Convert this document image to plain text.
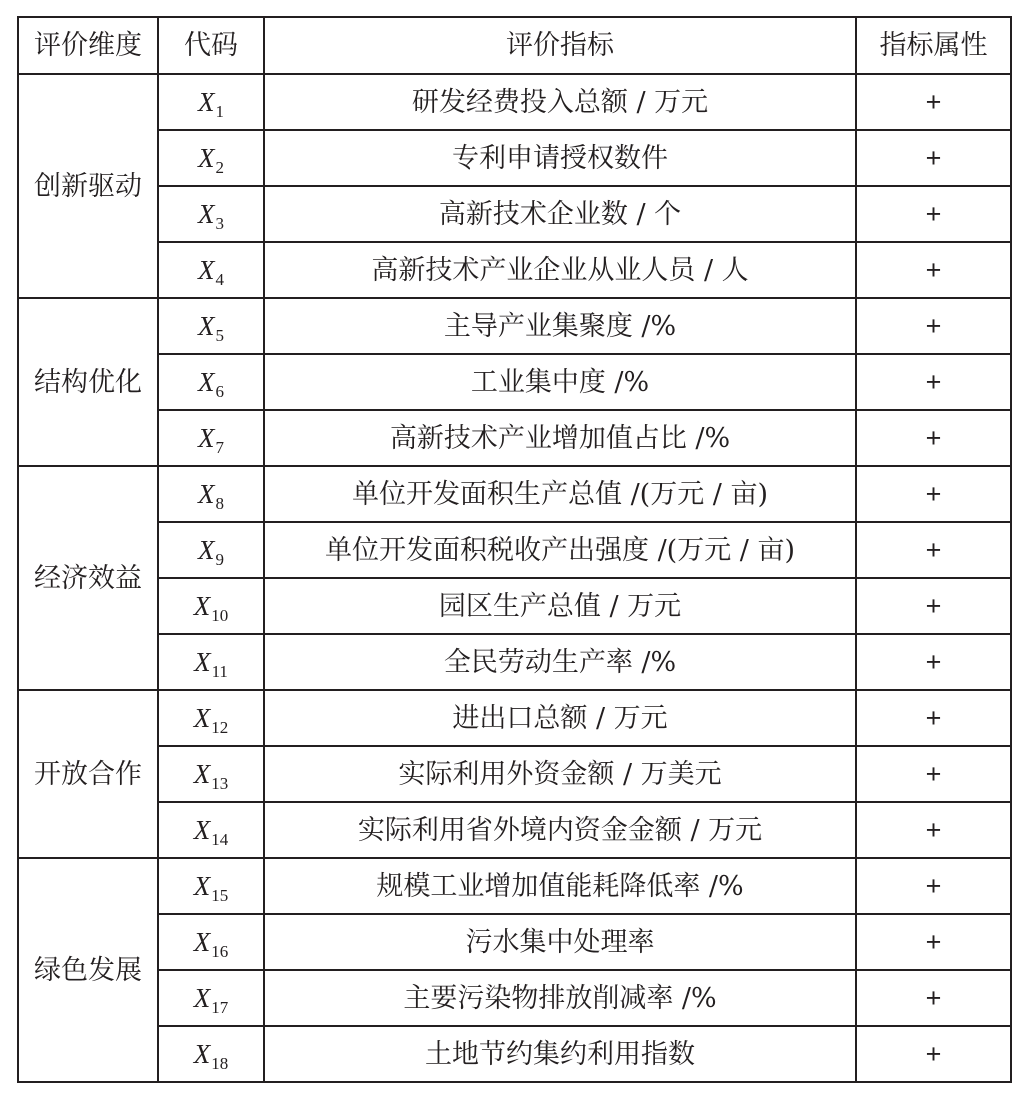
评价维度	代码	评价指标	指标属性
创新驱动	$X_1$	研发经费投入总额 / 万元	+
	$X_2$	专利申请授权数件	+
	$X_3$	高新技术企业数 / 个	+
	$X_4$	高新技术产业企业从业人员 / 人	+
结构优化	$X_5$	主导产业集聚度 /%	+
	$X_6$	工业集中度 /%	+
	$X_7$	高新技术产业增加值占比 /%	+
经济效益	$X_8$	单位开发面积生产总值 /(万元 / 亩)	+
	$X_9$	单位开发面积税收产出强度 /(万元 / 亩)	+
	$X_{10}$	园区生产总值 / 万元	+
	$X_{11}$	全民劳动生产率 /%	+
开放合作	$X_{12}$	进出口总额 / 万元	+
	$X_{13}$	实际利用外资金额 / 万美元	+
	$X_{14}$	实际利用省外境内资金金额 / 万元	+
绿色发展	$X_{15}$	规模工业增加值能耗降低率 /%	+
	$X_{16}$	污水集中处理率	+
	$X_{17}$	主要污染物排放削减率 /%	+
	$X_{18}$	土地节约集约利用指数	+
